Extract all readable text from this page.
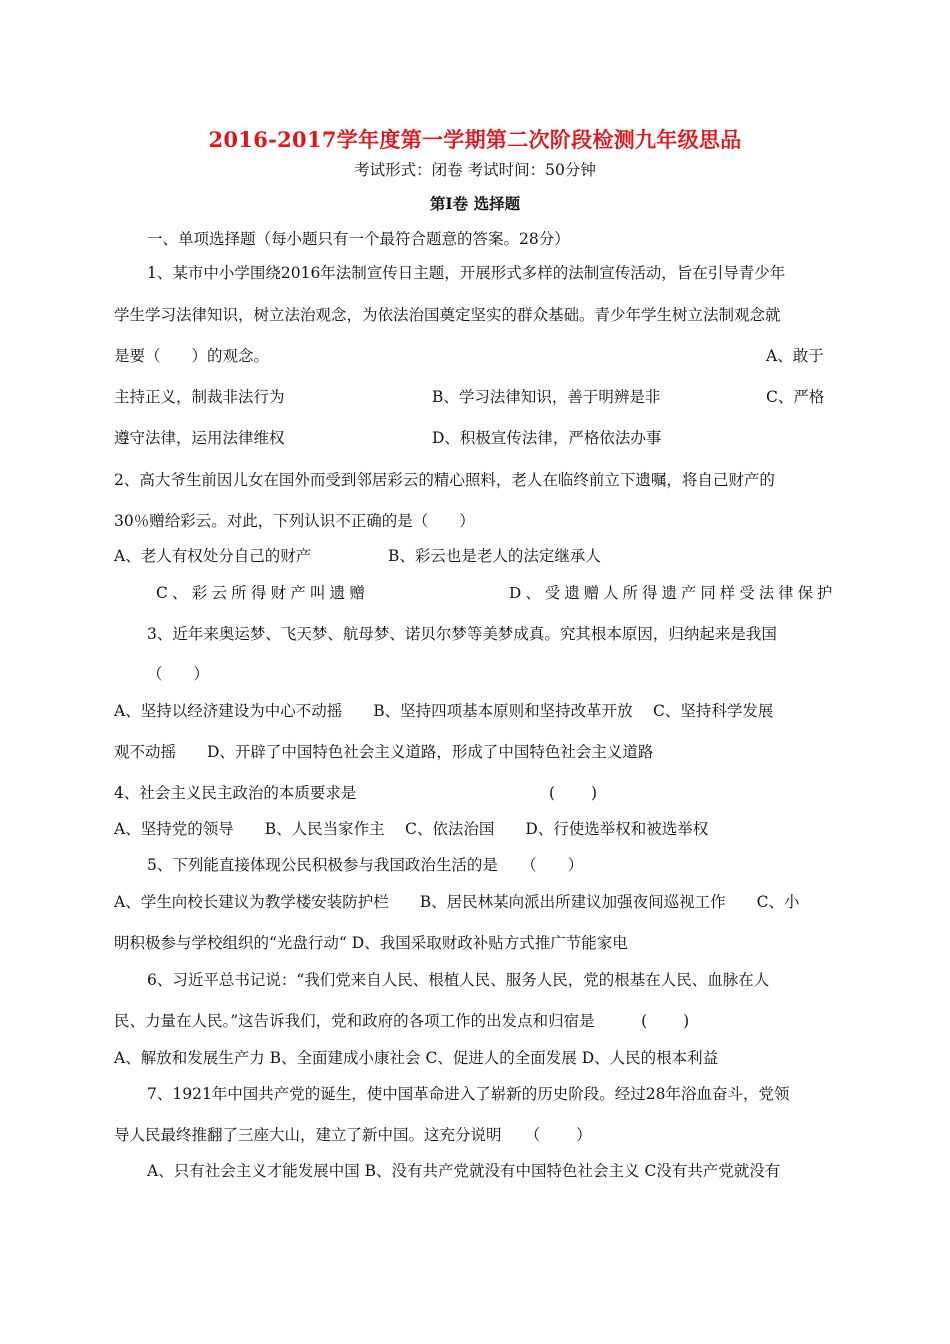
2016-2017学年度第一学期第二次阶段检测九年级思品
考试形式：闭卷 考试时间：50分钟
第Ⅰ卷 选择题
一、单项选择题（每小题只有一个最符合题意的答案。28分）
1、某市中小学围绕2016年法制宣传日主题，开展形式多样的法制宣传活动，旨在引导青少年
学生学习法律知识，树立法治观念，为依法治国奠定坚实的群众基础。青少年学生树立法制观念就
是要（　　）的观念。	A、敢于
主持正义，制裁非法行为	B、学习法律知识，善于明辨是非	C、严格
遵守法律，运用法律维权	D、积极宣传法律，严格依法办事
2、高大爷生前因儿女在国外而受到邻居彩云的精心照料，老人在临终前立下遗嘱，将自己财产的
30％赠给彩云。对此，下列认识不正确的是（　　）
A、老人有权处分自己的财产	B、彩云也是老人的法定继承人
C、彩云所得财产叫遗赠	D、受遗赠人所得遗产同样受法律保护
3、近年来奥运梦、飞天梦、航母梦、诺贝尔梦等美梦成真。究其根本原因，归纳起来是我国
（　　）
A、坚持以经济建设为中心不动摇　　B、坚持四项基本原则和坚持改革开放　 C、坚持科学发展
观不动摇　　D、开辟了中国特色社会主义道路，形成了中国特色社会主义道路
4、社会主义民主政治的本质要求是	(　　 )
A、坚持党的领导　　B、人民当家作主　 C、依法治国　　D、行使选举权和被选举权
5、下列能直接体现公民积极参与我国政治生活的是　　（　　）
A、学生向校长建议为教学楼安装防护栏　　B、居民林某向派出所建议加强夜间巡视工作　　C、小
明积极参与学校组织的“光盘行动“ D、我国采取财政补贴方式推广节能家电
6、习近平总书记说：“我们党来自人民、根植人民、服务人民，党的根基在人民、血脉在人
民、力量在人民。”这告诉我们，党和政府的各项工作的出发点和归宿是　　　(　　 )
A、解放和发展生产力 B、全面建成小康社会 C、促进人的全面发展 D、人民的根本利益
7、1921年中国共产党的诞生，使中国革命进入了崭新的历史阶段。经过28年浴血奋斗，党领
导人民最终推翻了三座大山，建立了新中国。这充分说明　　（　　 ）
A、只有社会主义才能发展中国 B、没有共产党就没有中国特色社会主义 C没有共产党就没有
